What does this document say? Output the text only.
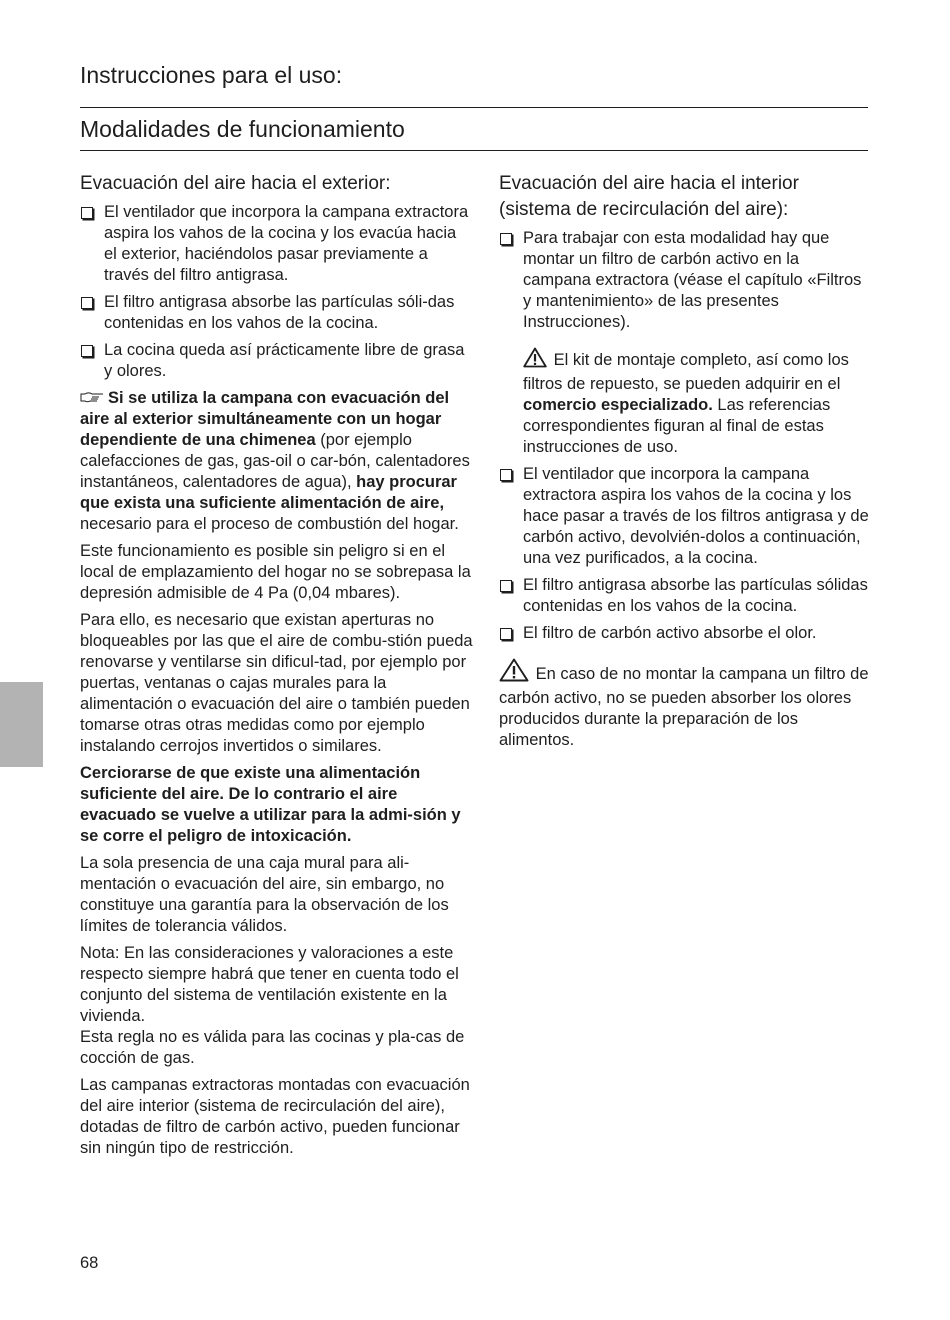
Instrucciones para el uso:
Modalidades de funcionamiento
Evacuación del aire hacia el exterior:
El ventilador que incorpora la campana extractora aspira los vahos de la cocina y los evacúa hacia el exterior, haciéndolos pasar previamente a través del filtro antigrasa.
El filtro antigrasa absorbe las partículas sóli-das contenidas en los vahos de la cocina.
La cocina queda así prácticamente libre de grasa y olores.

Si se utiliza la campana con evacuación del aire al exterior simultáneamente con un hogar dependiente de una chimenea (por ejemplo calefacciones de gas, gas-oil o car-bón, calentadores instantáneos, calentadores de agua), hay procurar que exista una suficiente alimentación de aire, necesario para el proceso de combustión del hogar.

Este funcionamiento es posible sin peligro si en el local de emplazamiento del hogar no se sobrepasa la depresión admisible de 4 Pa (0,04 mbares).

Para ello, es necesario que existan aperturas no bloqueables por las que el aire de combu-stión pueda renovarse y ventilarse sin dificul-tad, por ejemplo por puertas, ventanas o cajas murales para la alimentación o evacuación del aire o también pueden tomarse otras otras medidas como por ejemplo instalando cerrojos invertidos o similares.

Cerciorarse de que existe una alimentación suficiente del aire. De lo contrario el aire evacuado se vuelve a utilizar para la admi-sión y se corre el peligro de intoxicación.

La sola presencia de una caja mural para ali-mentación o evacuación del aire, sin embargo, no constituye una garantía para la observación de los límites de tolerancia válidos.

Nota: En las consideraciones y valoraciones a este respecto siempre habrá que tener en cuenta todo el conjunto del sistema de ventilación existente en la vivienda.
Esta regla no es válida para las cocinas y pla-cas de cocción de gas.

Las campanas extractoras montadas con evacuación del aire interior (sistema de recirculación del aire), dotadas de filtro de carbón activo, pueden funcionar sin ningún tipo de restricción.

Evacuación del aire hacia el interior (sistema de recirculación del aire):
Para trabajar con esta modalidad hay que montar un filtro de carbón activo en la campana extractora (véase el capítulo «Filtros y mantenimiento» de las presentes Instrucciones).

El kit de montaje completo, así como los filtros de repuesto, se pueden adquirir en el comercio especializado. Las referencias correspondientes figuran al final de estas instrucciones de uso.

El ventilador que incorpora la campana extractora aspira los vahos de la cocina y los hace pasar a través de los filtros antigrasa y de carbón activo, devolvién-dolos a continuación, una vez purificados, a la cocina.
El filtro antigrasa absorbe las partículas sólidas contenidas en los vahos de la cocina.
El filtro de carbón activo absorbe el olor.

En caso de no montar la campana un filtro de carbón activo, no se pueden absorber los olores producidos durante la preparación de los alimentos.

68
